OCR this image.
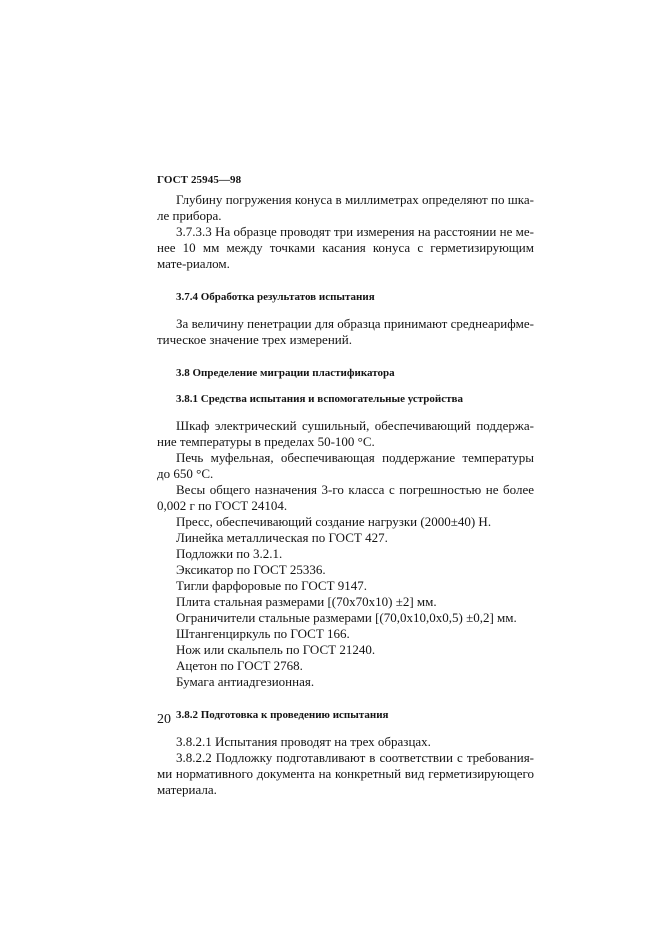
ГОСТ 25945—98

Глубину погружения конуса в миллиметрах определяют по шка-ле прибора.

3.7.3.3 На образце проводят три измерения на расстоянии не ме-нее 10 мм между точками касания конуса с герметизирующим мате-риалом.

3.7.4 Обработка результатов испытания

За величину пенетрации для образца принимают среднеарифме-тическое значение трех измерений.

3.8 Определение миграции пластификатора

3.8.1 Средства испытания и вспомогательные устройства

Шкаф электрический сушильный, обеспечивающий поддержа-ние температуры в пределах 50-100 °С.

Печь муфельная, обеспечивающая поддержание температуры до 650 °С.

Весы общего назначения 3-го класса с погрешностью не более 0,002 г по ГОСТ 24104.

Пресс, обеспечивающий создание нагрузки (2000±40) Н.

Линейка металлическая по ГОСТ 427.

Подложки по 3.2.1.

Эксикатор по ГОСТ 25336.

Тигли фарфоровые по ГОСТ 9147.

Плита стальная размерами [(70x70x10) ±2] мм.

Ограничители стальные размерами [(70,0x10,0x0,5) ±0,2] мм.

Штангенциркуль по ГОСТ 166.

Нож или скальпель по ГОСТ 21240.

Ацетон по ГОСТ 2768.

Бумага антиадгезионная.

3.8.2 Подготовка к проведению испытания

3.8.2.1 Испытания проводят на трех образцах.

3.8.2.2 Подложку подготавливают в соответствии с требования-ми нормативного документа на конкретный вид герметизирующего материала.

20
